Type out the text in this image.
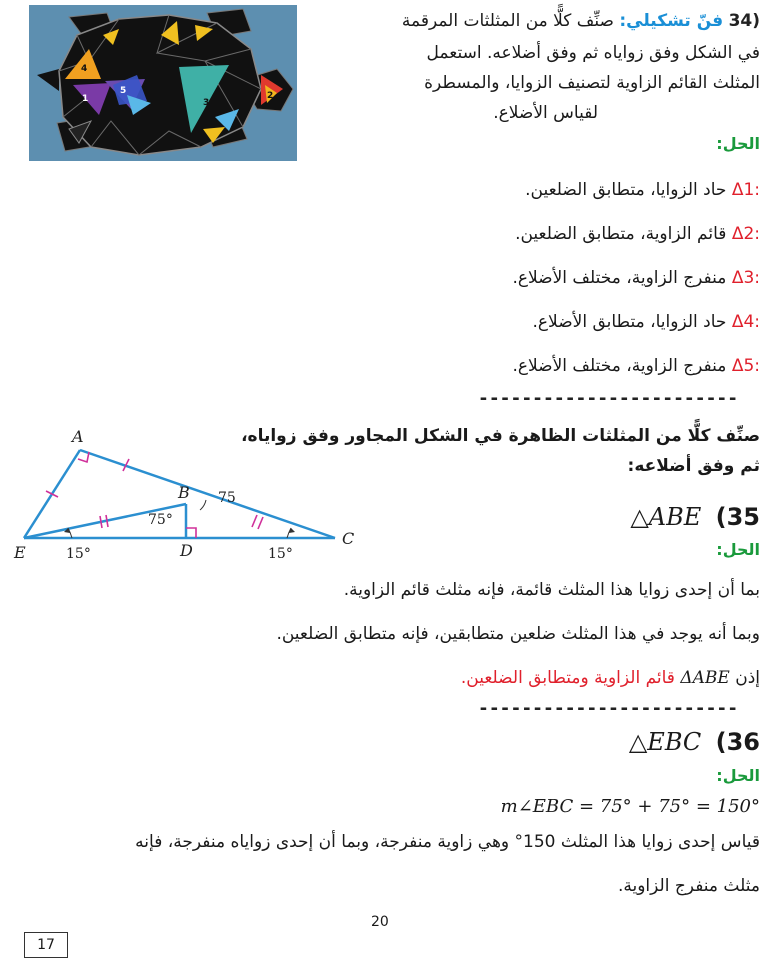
4
1
5
3
2
34) فنّ تشكيلي: صنِّف كلًّا من المثلثات المرقمة
في الشكل وفق زواياه ثم وفق أضلاعه. استعمل
المثلث القائم الزاوية لتصنيف الزوايا، والمسطرة
لقياس الأضلاع.
الحل:
Δ1: حاد الزوايا، متطابق الضلعين.
Δ2: قائم الزاوية، متطابق الضلعين.
Δ3: منفرج الزاوية، مختلف الأضلاع.
Δ4: حاد الزوايا، متطابق الأضلاع.
Δ5: منفرج الزاوية، مختلف الأضلاع.
------------------------
صنِّف كلًّا من المثلثات الظاهرة في الشكل المجاور وفق زواياه،
ثم وفق أضلاعه:
A
B
C
D
E
75
75°
15°	15°
△ABE (35
الحل:
بما أن إحدى زوايا هذا المثلث قائمة، فإنه مثلث قائم الزاوية.
وبما أنه يوجد في هذا المثلث ضلعين متطابقين، فإنه متطابق الضلعين.
إذن ΔABE قائم الزاوية ومتطابق الضلعين.
------------------------
△EBC (36
الحل:
m∠EBC = 75° + 75° = 150°
قياس إحدى زوايا هذا المثلث 150° وهي زاوية منفرجة، وبما أن إحدى زواياه منفرجة، فإنه
مثلث منفرج الزاوية.
20
17
